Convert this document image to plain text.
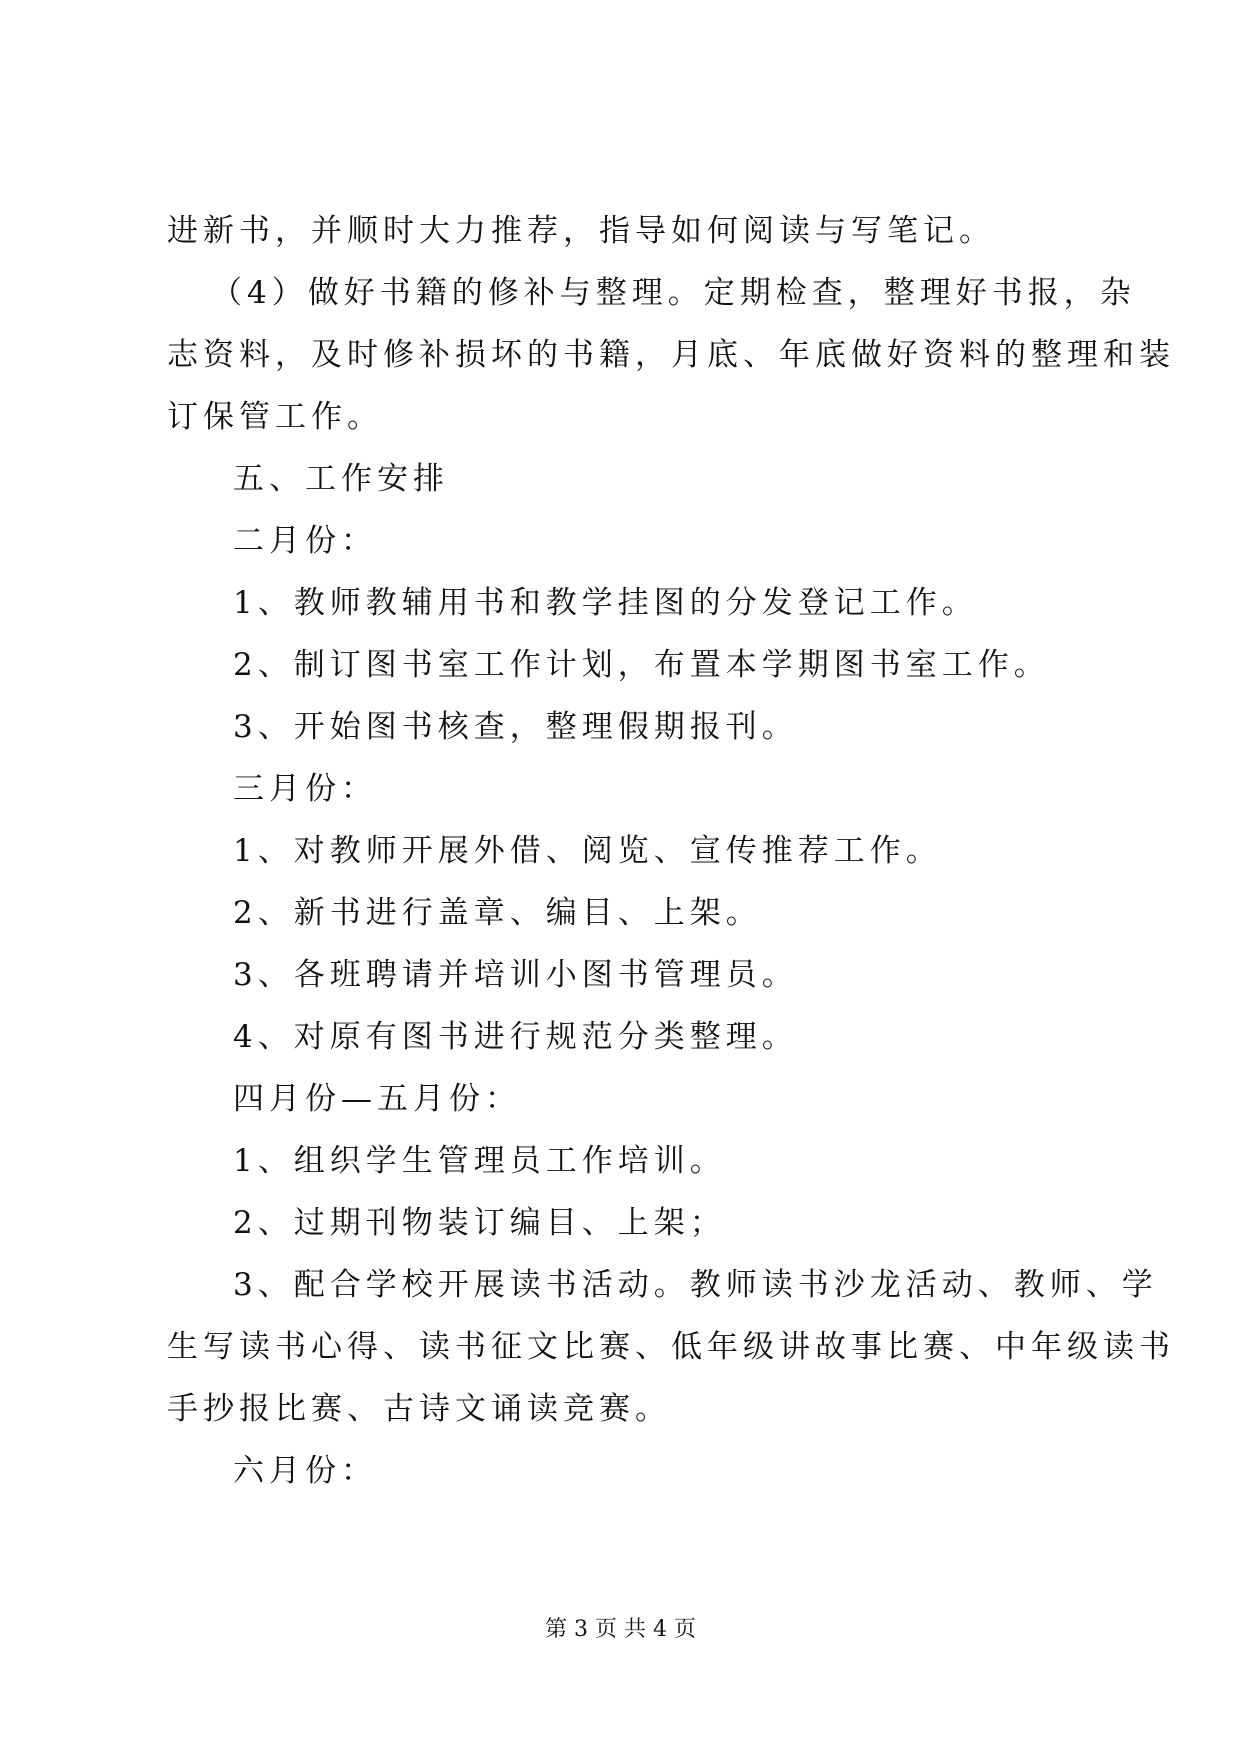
进新书，并顺时大力推荐，指导如何阅读与写笔记。

（4）做好书籍的修补与整理。定期检查，整理好书报，杂

志资料，及时修补损坏的书籍，月底、年底做好资料的整理和装

订保管工作。

五、工作安排

二月份：

1、教师教辅用书和教学挂图的分发登记工作。

2、制订图书室工作计划，布置本学期图书室工作。

3、开始图书核查，整理假期报刊。

三月份：

1、对教师开展外借、阅览、宣传推荐工作。

2、新书进行盖章、编目、上架。

3、各班聘请并培训小图书管理员。

4、对原有图书进行规范分类整理。

四月份—五月份：

1、组织学生管理员工作培训。

2、过期刊物装订编目、上架；

3、配合学校开展读书活动。教师读书沙龙活动、教师、学

生写读书心得、读书征文比赛、低年级讲故事比赛、中年级读书

手抄报比赛、古诗文诵读竞赛。

六月份：

第 3 页 共 4 页
